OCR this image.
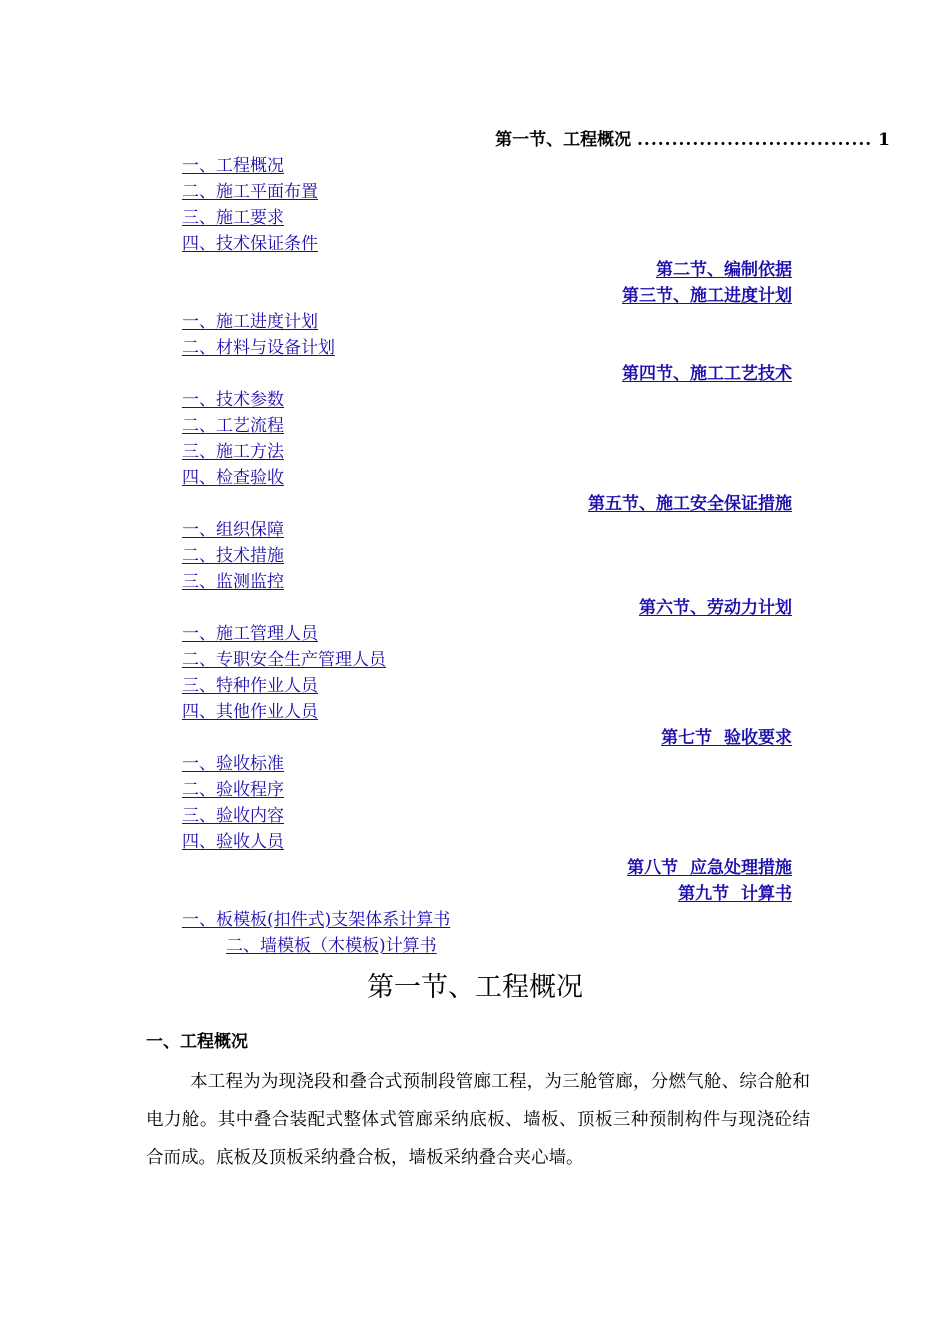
第一节、工程概况 .................................. 1
一、工程概况
二、施工平面布置
三、施工要求
四、技术保证条件
第二节、编制依据
第三节、施工进度计划
一、施工进度计划
二、材料与设备计划
第四节、施工工艺技术
一、技术参数
二、工艺流程
三、施工方法
四、检查验收
第五节、施工安全保证措施
一、组织保障
二、技术措施
三、监测监控
第六节、劳动力计划
一、施工管理人员
二、专职安全生产管理人员
三、特种作业人员
四、其他作业人员
第七节  验收要求
一、验收标准
二、验收程序
三、验收内容
四、验收人员
第八节  应急处理措施
第九节  计算书
一、板模板(扣件式)支架体系计算书
二、墙模板（木模板)计算书
第一节、工程概况
一、工程概况

本工程为为现浇段和叠合式预制段管廊工程，为三舱管廊，分燃气舱、综合舱和电力舱。其中叠合装配式整体式管廊采纳底板、墙板、顶板三种预制构件与现浇砼结合而成。底板及顶板采纳叠合板，墙板采纳叠合夹心墙。
